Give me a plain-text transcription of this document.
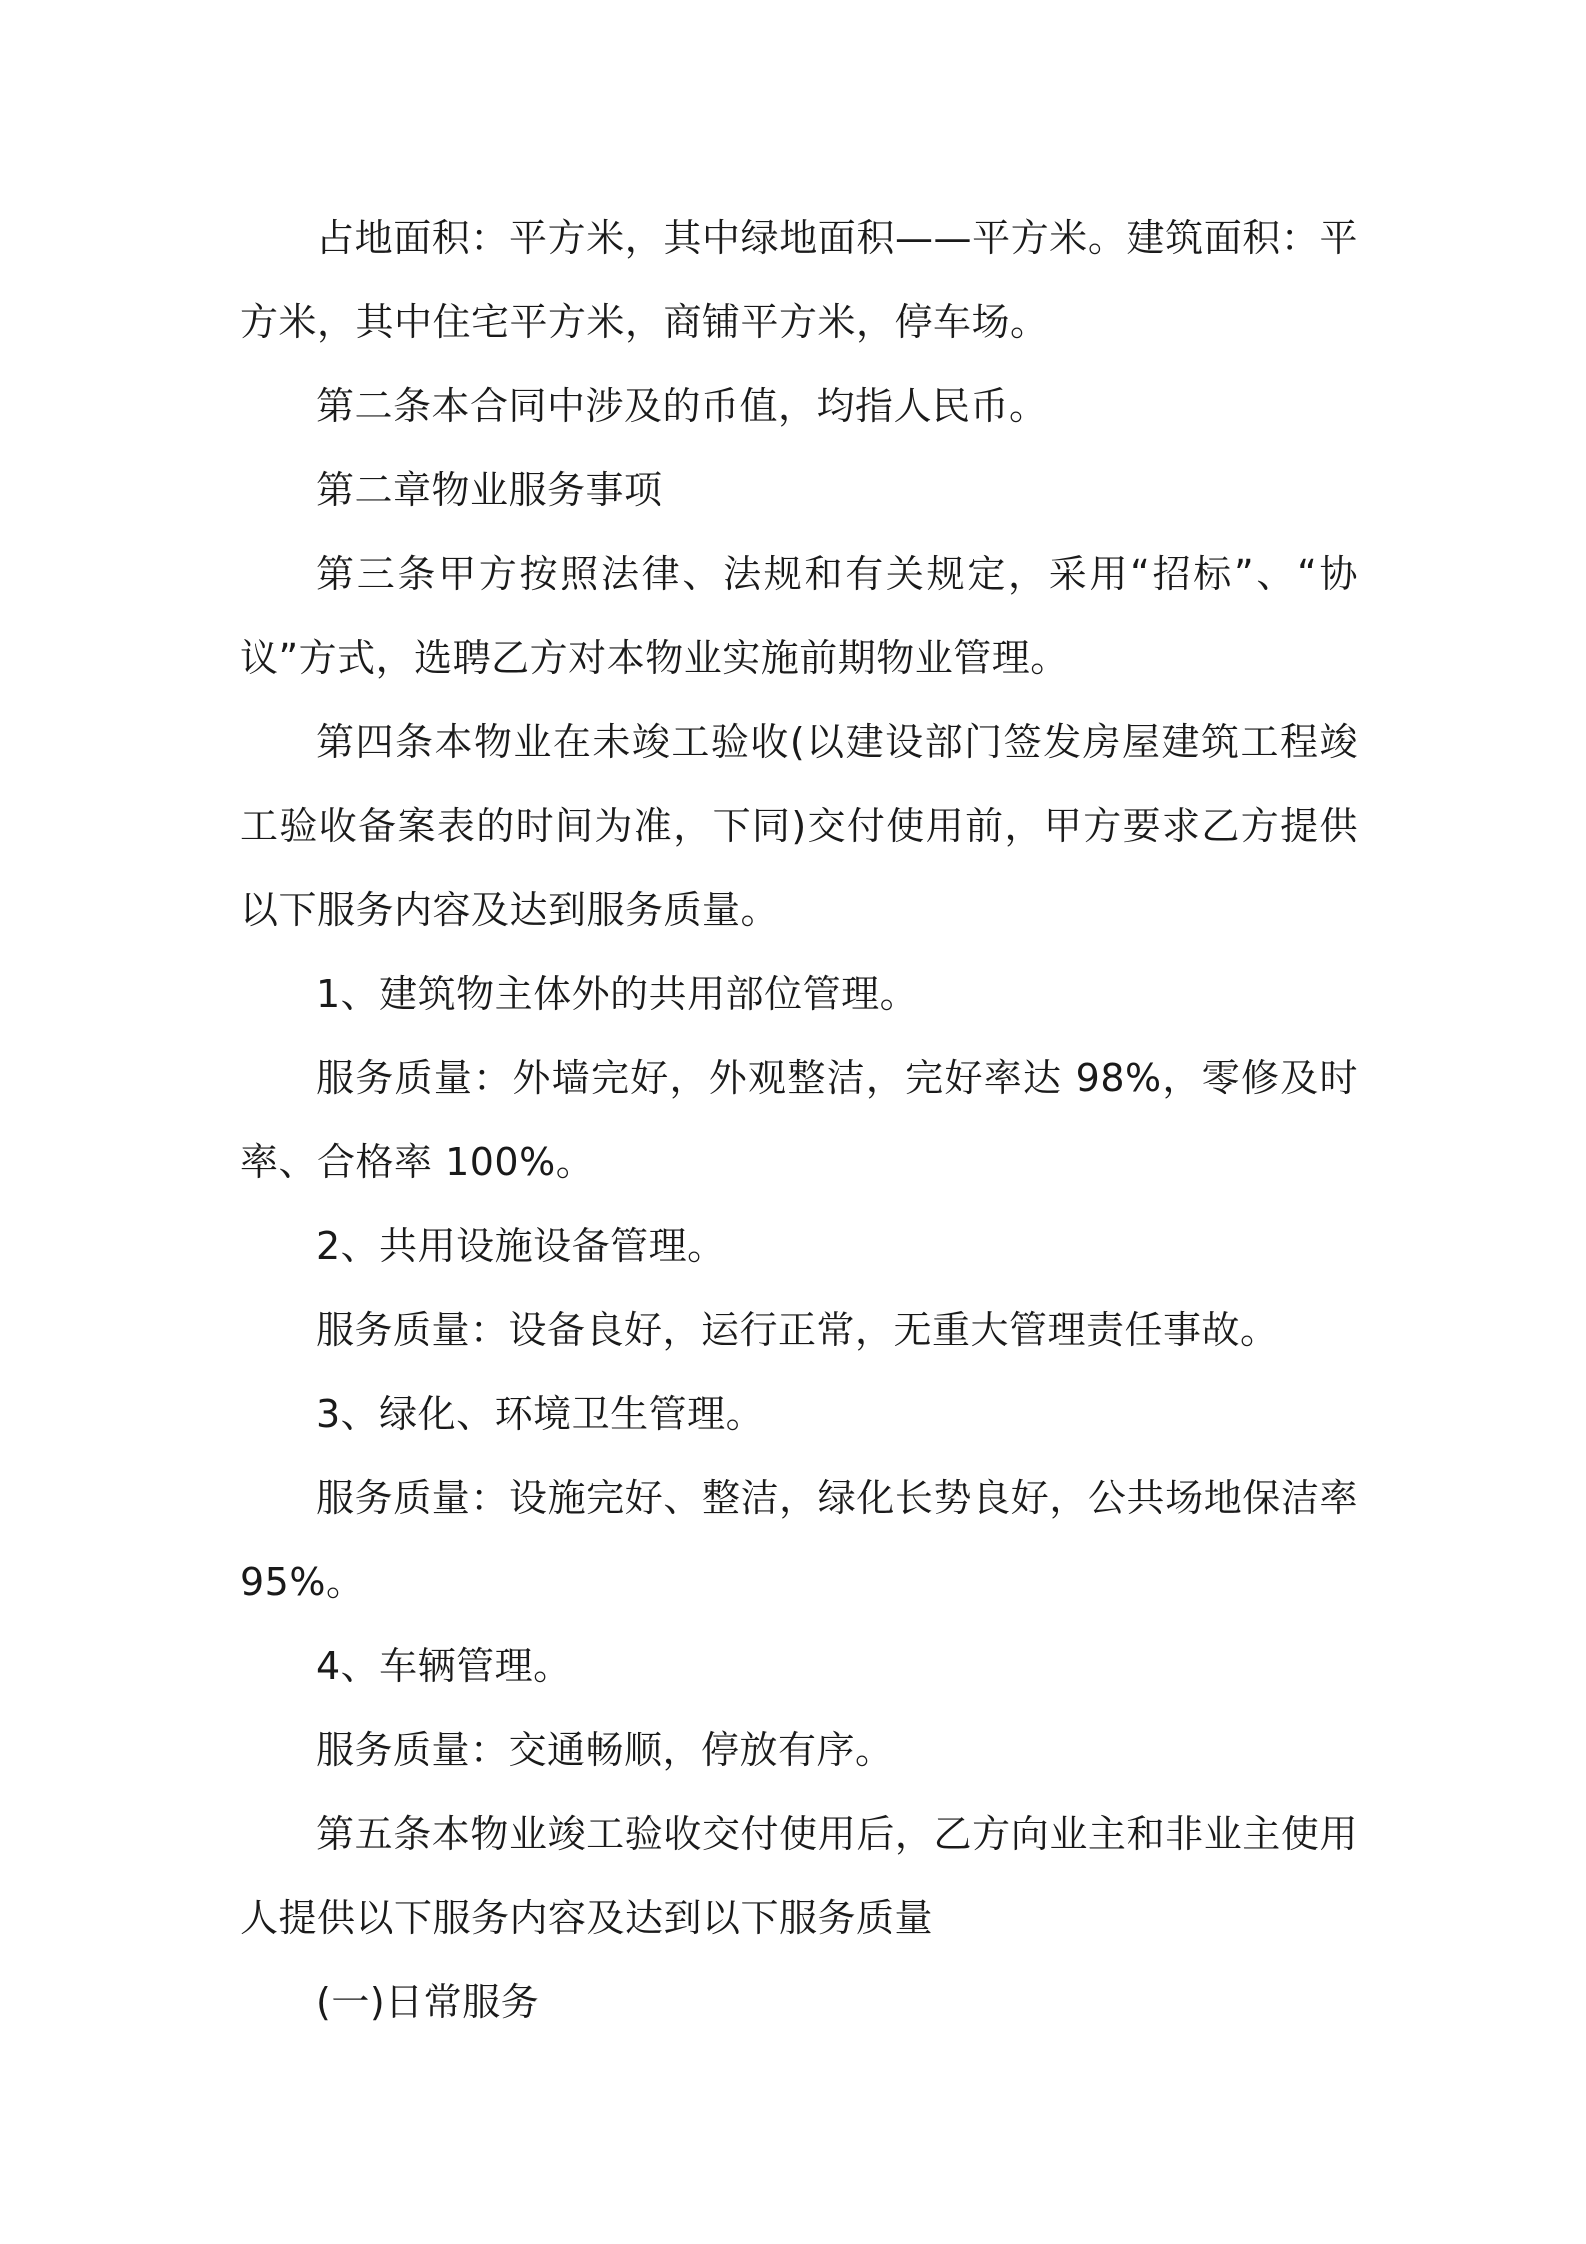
占地面积：平方米，其中绿地面积——平方米。建筑面积：平方米，其中住宅平方米，商铺平方米，停车场。

第二条本合同中涉及的币值，均指人民币。

第二章物业服务事项

第三条甲方按照法律、法规和有关规定，采用“招标”、“协议”方式，选聘乙方对本物业实施前期物业管理。

第四条本物业在未竣工验收(以建设部门签发房屋建筑工程竣工验收备案表的时间为准，下同)交付使用前，甲方要求乙方提供以下服务内容及达到服务质量。

1、建筑物主体外的共用部位管理。

服务质量：外墙完好，外观整洁，完好率达 98%，零修及时率、合格率 100%。

2、共用设施设备管理。

服务质量：设备良好，运行正常，无重大管理责任事故。

3、绿化、环境卫生管理。

服务质量：设施完好、整洁，绿化长势良好，公共场地保洁率 95%。

4、车辆管理。

服务质量：交通畅顺，停放有序。

第五条本物业竣工验收交付使用后，乙方向业主和非业主使用人提供以下服务内容及达到以下服务质量

(一)日常服务
